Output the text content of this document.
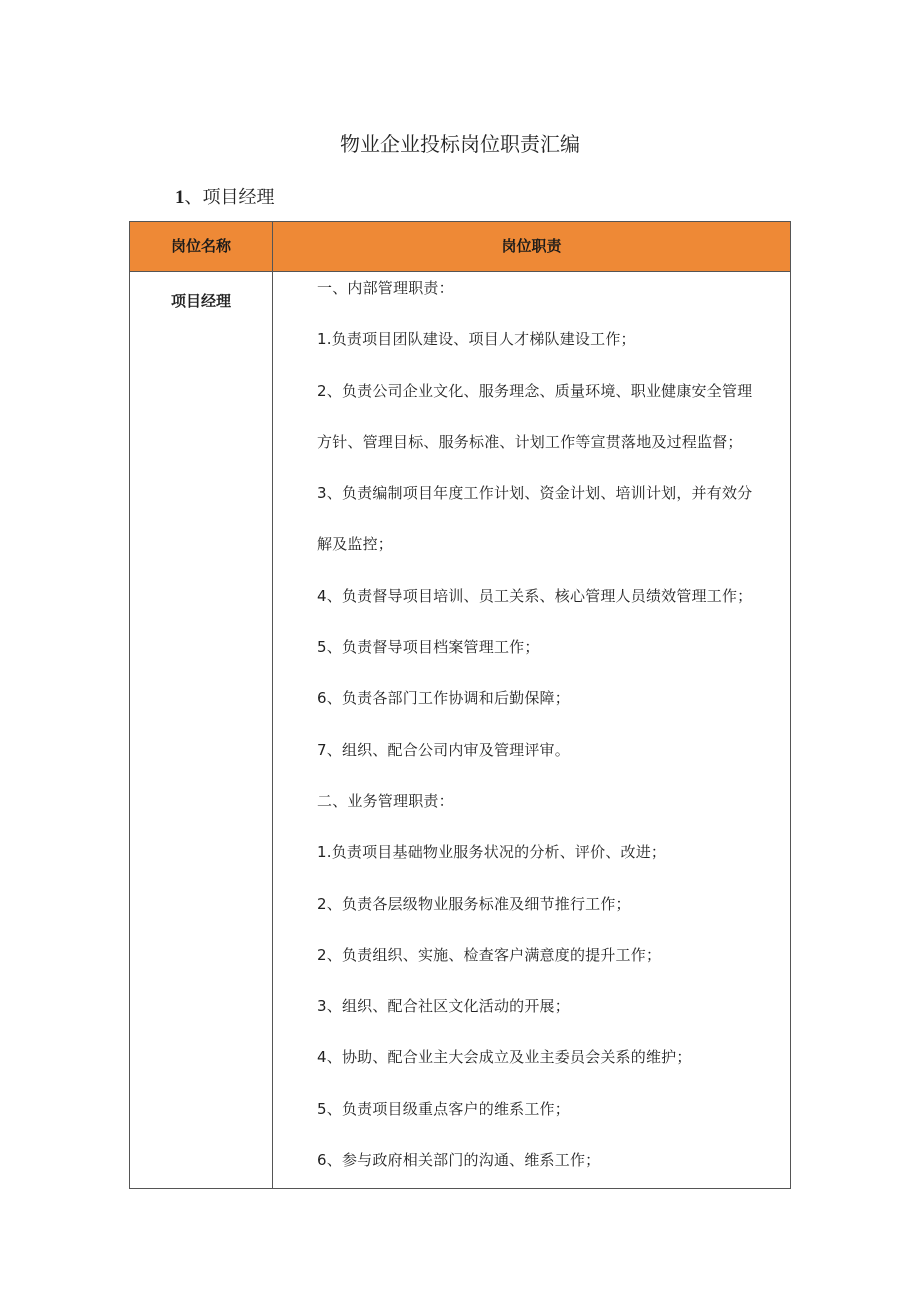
物业企业投标岗位职责汇编
1、项目经理
岗位名称	岗位职责
项目经理
一、内部管理职责：
1.负责项目团队建设、项目人才梯队建设工作；
2、负责公司企业文化、服务理念、质量环境、职业健康安全管理
方针、管理目标、服务标准、计划工作等宣贯落地及过程监督；
3、负责编制项目年度工作计划、资金计划、培训计划，并有效分
解及监控；
4、负责督导项目培训、员工关系、核心管理人员绩效管理工作；
5、负责督导项目档案管理工作；
6、负责各部门工作协调和后勤保障；
7、组织、配合公司内审及管理评审。
二、业务管理职责：
1.负责项目基础物业服务状况的分析、评价、改进；
2、负责各层级物业服务标准及细节推行工作；
2、负责组织、实施、检查客户满意度的提升工作；
3、组织、配合社区文化活动的开展；
4、协助、配合业主大会成立及业主委员会关系的维护；
5、负责项目级重点客户的维系工作；
6、参与政府相关部门的沟通、维系工作；
